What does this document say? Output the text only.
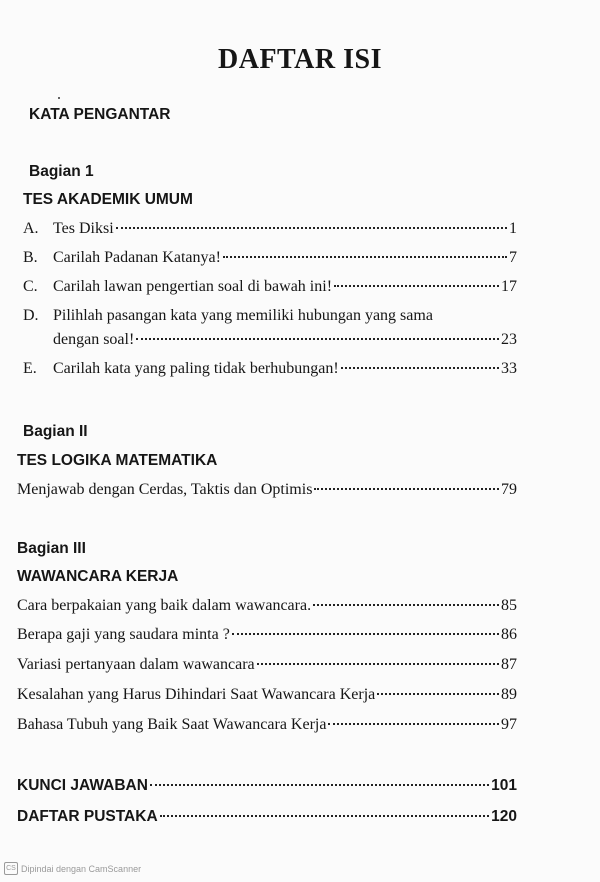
DAFTAR ISI
KATA PENGANTAR
Bagian 1
TES AKADEMIK UMUM
A. Tes Diksi	1
B. Carilah Padanan Katanya!	7
C. Carilah lawan pengertian soal di bawah ini!	17
D. Pilihlah pasangan kata yang memiliki hubungan yang sama
dengan soal!	23
E.	Carilah kata yang paling tidak berhubungan!	33
Bagian II
TES LOGIKA MATEMATIKA
Menjawab dengan Cerdas, Taktis dan Optimis	79
Bagian III
WAWANCARA KERJA
Cara berpakaian yang baik dalam wawancara.	85
Berapa gaji yang saudara minta ?	86
Variasi pertanyaan dalam wawancara	87
Kesalahan yang Harus Dihindari Saat Wawancara Kerja	89
Bahasa Tubuh yang Baik Saat Wawancara Kerja	97
KUNCI JAWABAN	101
DAFTAR PUSTAKA	120
CS Dipindai dengan CamScanner
